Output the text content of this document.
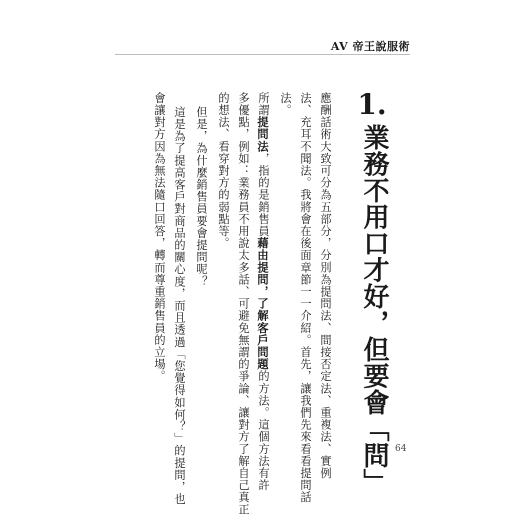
AV 帝王說服術
1.
業務不用口才好，但要會「問」
應酬話術大致可分為五部分，分別為提問法、間接否定法、重複法、實例
法、充耳不聞法。我將會在後面章節一一介紹。首先，讓我們先來看看提問話
法。
所謂提問法，指的是銷售員藉由提問，了解客戶問題的方法。這個方法有許
多優點，例如：業務員不用說太多話、可避免無謂的爭論、讓對方了解自己真正
的想法、看穿對方的弱點等。
但是，為什麼銷售員要會提問呢？
這是為了提高客戶對商品的關心度，而且透過「您覺得如何？」的提問，也
會讓對方因為無法隨口回答，轉而尊重銷售員的立場。
64
